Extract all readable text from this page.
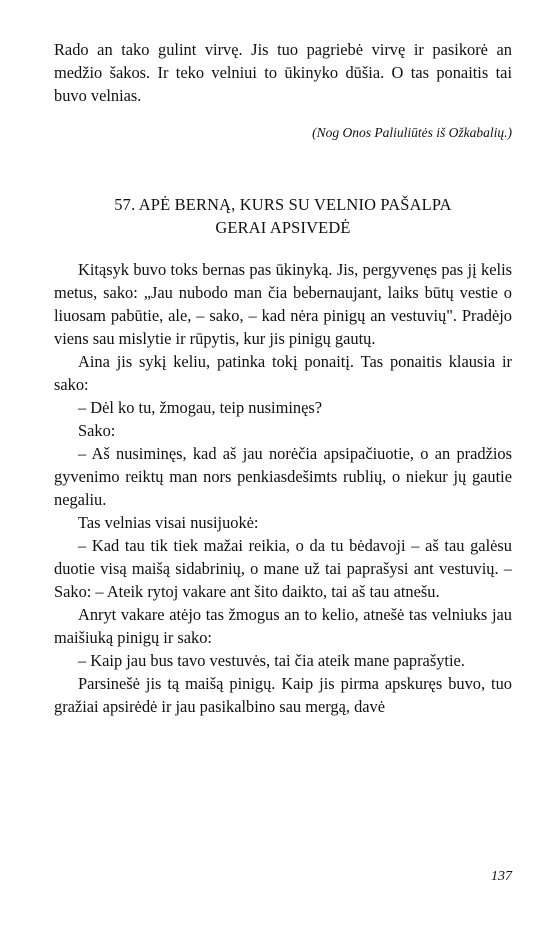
Rado an tako gulint virvę. Jis tuo pagriebė virvę ir pasikorė an medžio šakos. Ir teko velniui to ūkinyko dūšia. O tas ponaitis tai buvo velnias.

(Nog Onos Paliuliūtės iš Ožkabalių.)

57. APĖ BERNĄ, KURS SU VELNIO PAŠALPA
GERAI APSIVEDĖ

Kitąsyk buvo toks bernas pas ūkinyką. Jis, pergyvenęs pas jį kelis metus, sako: „Jau nubodo man čia bebernaujant, laiks būtų vestie o liuosam pabūtie, ale, – sako, – kad nėra pinigų an vestuvių". Pradėjo viens sau mislytie ir rūpytis, kur jis pinigų gautų.

Aina jis sykį keliu, patinka tokį ponaitį. Tas ponaitis klausia ir sako:

– Dėl ko tu, žmogau, teip nusiminęs?

Sako:

– Aš nusiminęs, kad aš jau norėčia apsipačiuotie, o an pradžios gyvenimo reiktų man nors penkiasdešimts rublių, o niekur jų gautie negaliu.

Tas velnias visai nusijuokė:

– Kad tau tik tiek mažai reikia, o da tu bėdavoji – aš tau galėsu duotie visą maišą sidabrinių, o mane už tai paprašysi ant vestuvių. – Sako: – Ateik rytoj vakare ant šito daikto, tai aš tau atnešu.

Anryt vakare atėjo tas žmogus an to kelio, atnešė tas velniuks jau maišiuką pinigų ir sako:

– Kaip jau bus tavo vestuvės, tai čia ateik mane paprašytie.

Parsinešė jis tą maišą pinigų. Kaip jis pirma apskuręs buvo, tuo gražiai apsirėdė ir jau pasikalbino sau mergą, davė

137
